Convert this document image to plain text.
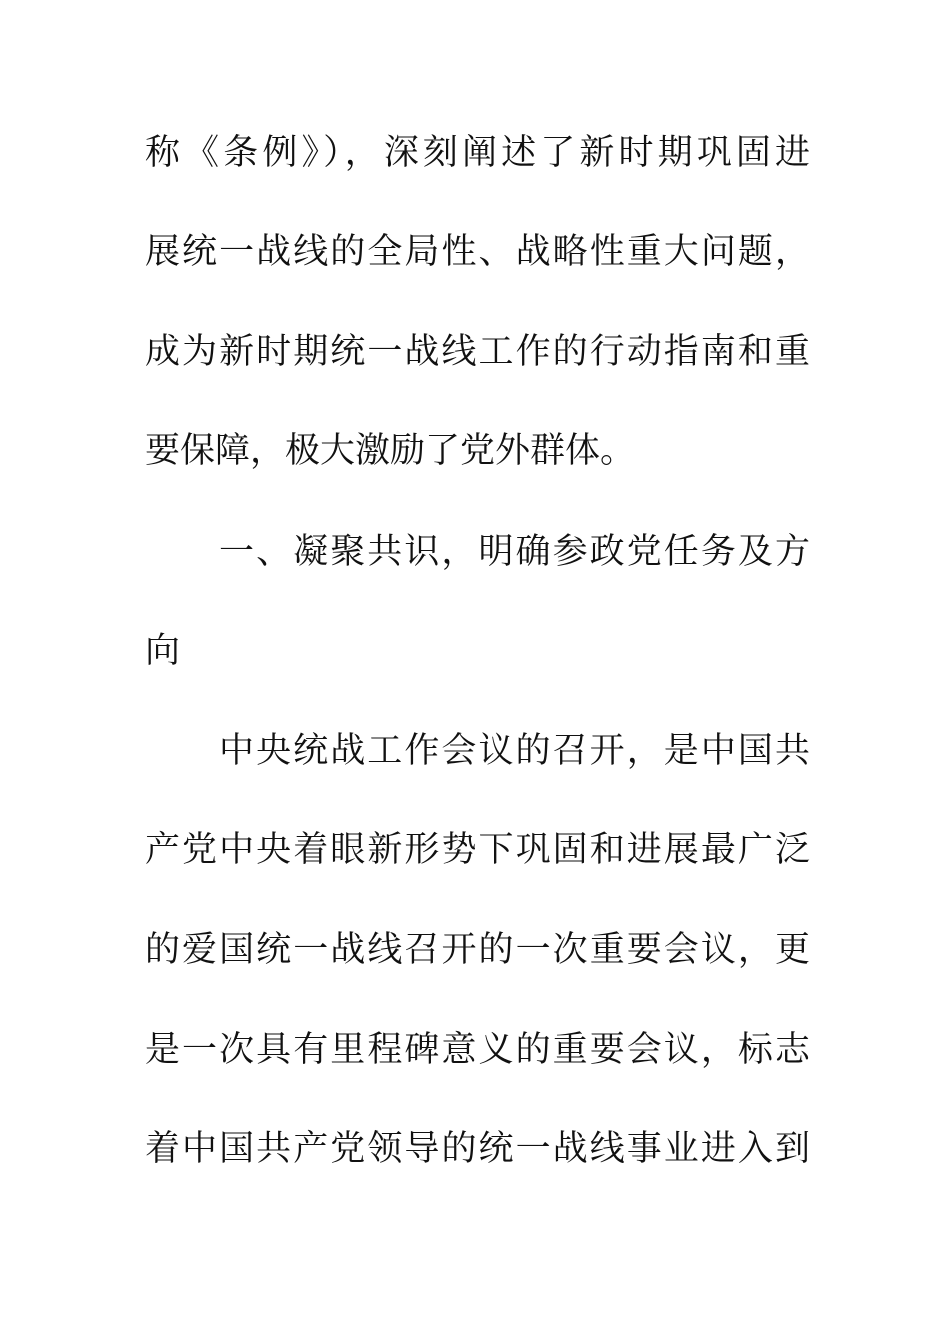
称《条例》），深刻阐述了新时期巩固进
展统一战线的全局性、战略性重大问题，
成为新时期统一战线工作的行动指南和重
要保障，极大激励了党外群体。
一、凝聚共识，明确参政党任务及方
向
中央统战工作会议的召开，是中国共
产党中央着眼新形势下巩固和进展最广泛
的爱国统一战线召开的一次重要会议，更
是一次具有里程碑意义的重要会议，标志
着中国共产党领导的统一战线事业进入到
